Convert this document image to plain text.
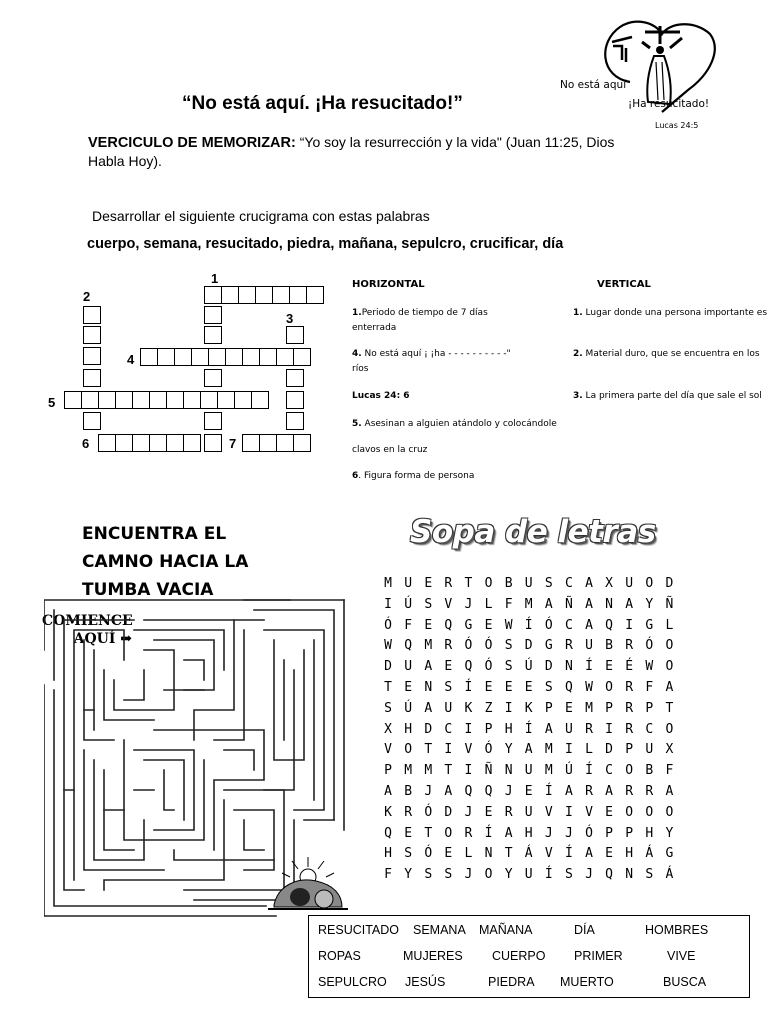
“No está aquí. ¡Ha resucitado!”
No está aquí
¡Ha resucitado!
Lucas 24:5
VERCICULO DE MEMORIZAR: “Yo soy la resurrección y la vida" (Juan 11:25, Dios Habla Hoy).
Desarrollar el siguiente crucigrama con estas palabras
cuerpo, semana, resucitado, piedra, mañana, sepulcro, crucificar, día
1
2
3
4
5
6	7
HORIZONTAL	VERTICAL
1.Periodo de tiempo de 7 días
enterrada
4. No está aquí ¡ ¡ha - - - - - - - - - -"
ríos
Lucas 24: 6
5. Asesinan a alguien atándolo y colocándole
clavos en la cruz
6. Figura forma de persona
1. Lugar donde una persona importante es
2. Material duro, que se encuentra en los
3. La primera parte del día que sale el sol
ENCUENTRA EL
CAMNO HACIA LA
TUMBA VACIA
COMIENCE
AQUÍ ➡
Sopa de letras
M U E R T O B U S C A X U O D
I Ú S V J L F M A Ñ A N A Y Ñ
Ó F E Q G E W Í Ó C A Q I G L
W Q M R Ó Ó S D G R U B R Ó O
D U A E Q Ó S Ú D N Í E É W O
T E N S Í E E E S Q W O R F A
S Ú A U K Z I K P E M P R P T
X H D C I P H Í A U R I R C O
V O T I V Ó Y A M I L D P U X
P M M T I Ñ N U M Ú Í C O B F
A B J A Q Q J E Í A R A R R A
K R Ó D J E R U V I V E O O O
Q E T O R Í A H J J Ó P P H Y
H S Ó E L N T Á V Í A E H Á G
F Y S S J O Y U Í S J Q N S Á
RESUCITADO SEMANA MAÑANA	DÍA	HOMBRES
ROPAS	MUJERES CUERPO PRIMER	VIVE
SEPULCRO JESÚS	PIEDRA MUERTO	BUSCA
